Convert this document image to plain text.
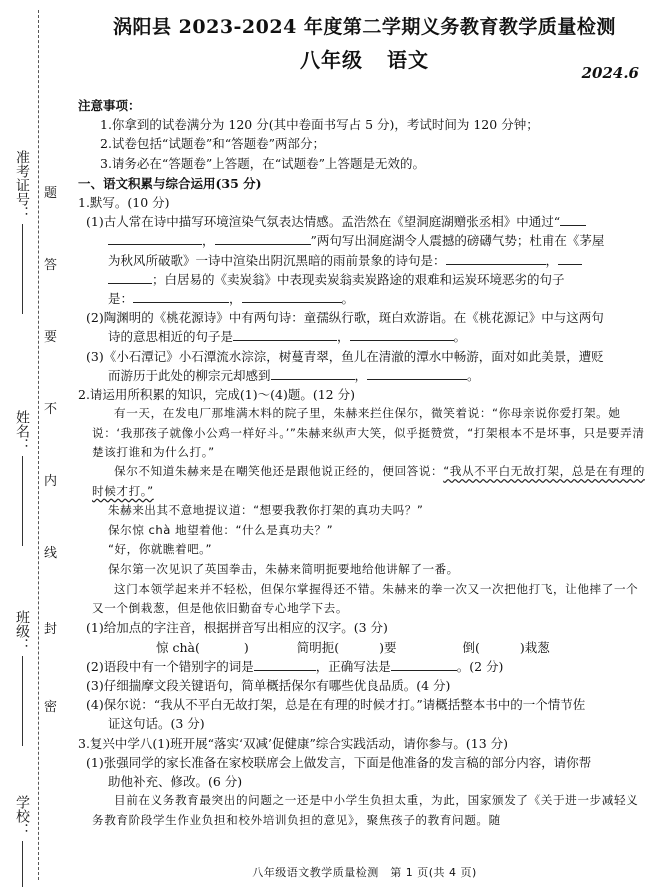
准考证号：
姓名：
班级：
学校：
题
答
要
不
内
线
封
密
涡阳县 2023-2024 年度第二学期义务教育教学质量检测
八年级 语文
2024.6
注意事项：
1.你拿到的试卷满分为 120 分(其中卷面书写占 5 分)，考试时间为 120 分钟；
2.试卷包括“试题卷”和“答题卷”两部分；
3.请务必在“答题卷”上答题，在“试题卷”上答题是无效的。
一、语文积累与综合运用(35 分)
1.默写。(10 分)
(1)古人常在诗中描写环境渲染气氛表达情感。孟浩然在《望洞庭湖赠张丞相》中通过“
，	”两句写出洞庭湖令人震撼的磅礴气势；杜甫在《茅屋
为秋风所破歌》一诗中渲染出阴沉黑暗的雨前景象的诗句是：	，
；白居易的《卖炭翁》中表现卖炭翁卖炭路途的艰难和运炭环境恶劣的句子
是：	，	。
(2)陶渊明的《桃花源诗》中有两句诗：童孺纵行歌，斑白欢游诣。在《桃花源记》中与这两句
诗的意思相近的句子是	，	。
(3)《小石潭记》小石潭流水淙淙，树蔓青翠，鱼儿在清澈的潭水中畅游，面对如此美景，遭贬
而游历于此处的柳宗元却感到	，	。
2.请运用所积累的知识，完成(1)～(4)题。(12 分)
有一天，在发电厂那堆满木料的院子里，朱赫来拦住保尔，微笑着说：“你母亲说你爱打架。她说：‘我那孩子就像小公鸡一样好斗。’”朱赫来纵声大笑，似乎挺赞赏，“打架根本不是坏事，只是要弄清楚该打谁和为什么打。”
保尔不知道朱赫来是在嘲笑他还是跟他说正经的，便回答说：“我从不平白无故打架，总是在有理的时候才打。”
朱赫来出其不意地提议道：“想要我教你打架的真功夫吗？”
保尔惊 chà 地望着他：“什么是真功夫？”
“好，你就瞧着吧。”
保尔第一次见识了英国拳击，朱赫来简明扼要地给他讲解了一番。
这门本领学起来并不轻松，但保尔掌握得还不错。朱赫来的拳一次又一次把他打飞，让他摔了一个又一个倒栽葱，但是他依旧勤奋专心地学下去。
(1)给加点的字注音，根据拼音写出相应的汉字。(3 分)
惊 chà(	)	简明扼(	)要	倒(	)栽葱
(2)语段中有一个错别字的词是	，正确写法是	。(2 分)
(3)仔细揣摩文段关键语句，简单概括保尔有哪些优良品质。(4 分)
(4)保尔说：“我从不平白无故打架，总是在有理的时候才打。”请概括整本书中的一个情节佐
证这句话。(3 分)
3.复兴中学八(1)班开展“落实‘双减’促健康”综合实践活动，请你参与。(13 分)
(1)张强同学的家长准备在家校联席会上做发言，下面是他准备的发言稿的部分内容，请你帮
助他补充、修改。(6 分)
目前在义务教育最突出的问题之一还是中小学生负担太重，为此，国家颁发了《关于进一步减轻义务教育阶段学生作业负担和校外培训负担的意见》，聚焦孩子的教育问题。随
八年级语文教学质量检测　第 1 页(共 4 页)
